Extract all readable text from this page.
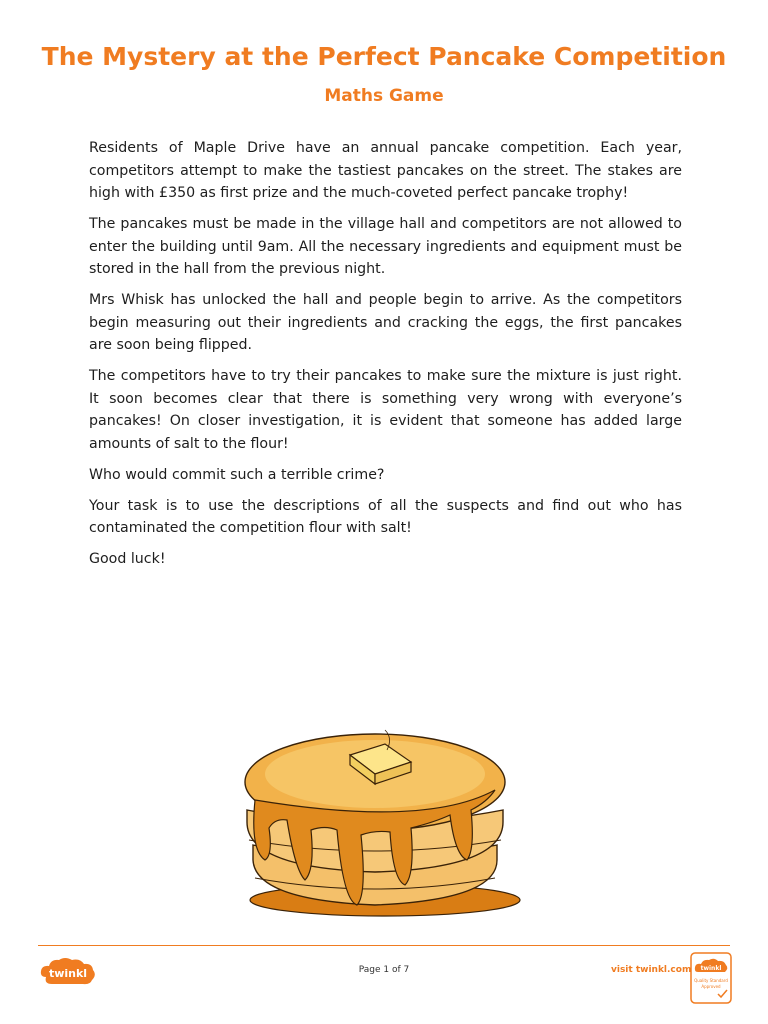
The Mystery at the Perfect Pancake Competition
Maths Game

Residents of Maple Drive have an annual pancake competition. Each year, competitors attempt to make the tastiest pancakes on the street. The stakes are high with £350 as first prize and the much-coveted perfect pancake trophy!

The pancakes must be made in the village hall and competitors are not allowed to enter the building until 9am. All the necessary ingredients and equipment must be stored in the hall from the previous night.

Mrs Whisk has unlocked the hall and people begin to arrive. As the competitors begin measuring out their ingredients and cracking the eggs, the first pancakes are soon being flipped.

The competitors have to try their pancakes to make sure the mixture is just right. It soon becomes clear that there is something very wrong with everyone’s pancakes! On closer investigation, it is evident that someone has added large amounts of salt to the flour!

Who would commit such a terrible crime?

Your task is to use the descriptions of all the suspects and find out who has contaminated the competition flour with salt!

Good luck!

twinkl	Page 1 of 7	visit twinkl.com twinkl
Quality Standard
Approved
